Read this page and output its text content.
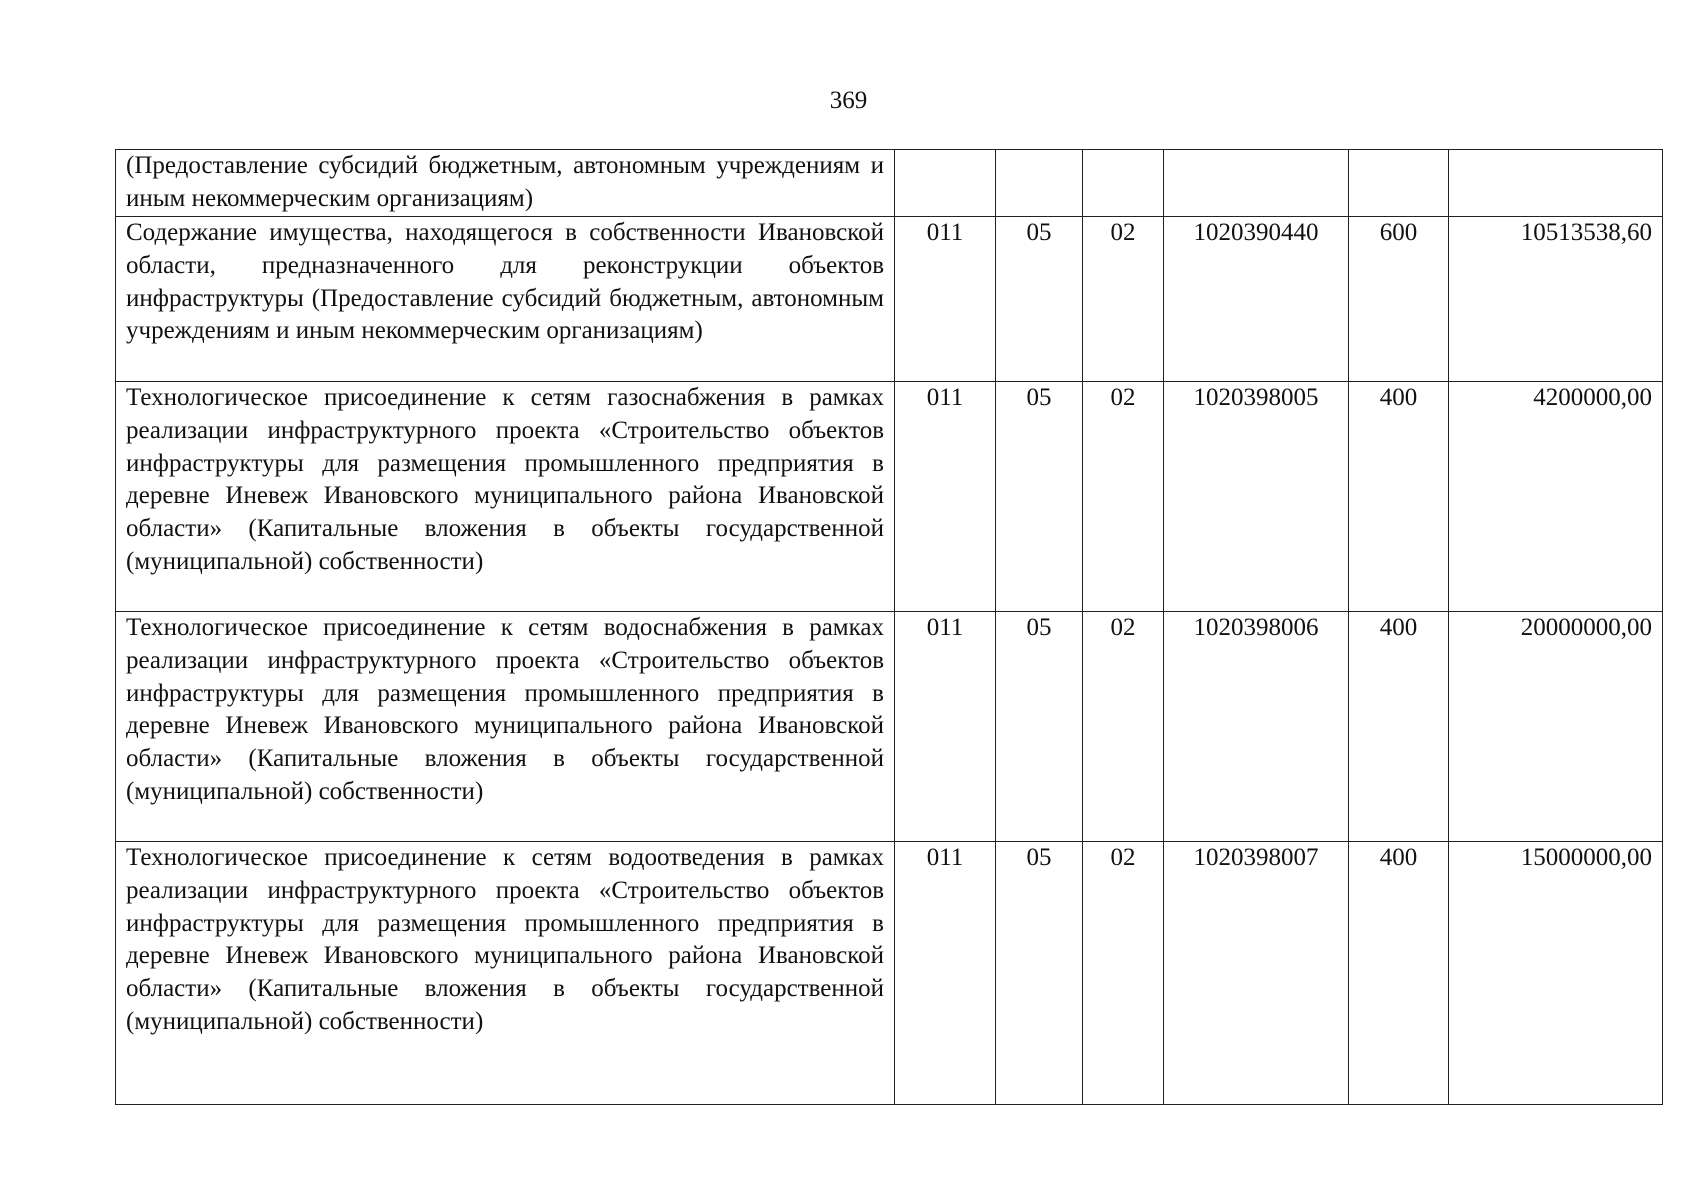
369
(Предоставление субсидий бюджетным, автономным учреждениям и иным некоммерческим организациям)						
Содержание имущества, находящегося в собственности Ивановской области, предназначенного для реконструкции объектов инфраструктуры (Предоставление субсидий бюджетным, автономным учреждениям и иным некоммерческим организациям)	011	05	02	1020390440	600	10513538,60
Технологическое присоединение к сетям газоснабжения в рамках реализации инфраструктурного проекта «Строительство объектов инфраструктуры для размещения промышленного предприятия в деревне Иневеж Ивановского муниципального района Ивановской области» (Капитальные вложения в объекты государственной (муниципальной) собственности)	011	05	02	1020398005	400	4200000,00
Технологическое присоединение к сетям водоснабжения в рамках реализации инфраструктурного проекта «Строительство объектов инфраструктуры для размещения промышленного предприятия в деревне Иневеж Ивановского муниципального района Ивановской области» (Капитальные вложения в объекты государственной (муниципальной) собственности)	011	05	02	1020398006	400	20000000,00
Технологическое присоединение к сетям водоотведения в рамках реализации инфраструктурного проекта «Строительство объектов инфраструктуры для размещения промышленного предприятия в деревне Иневеж Ивановского муниципального района Ивановской области» (Капитальные вложения в объекты государственной (муниципальной) собственности)	011	05	02	1020398007	400	15000000,00
